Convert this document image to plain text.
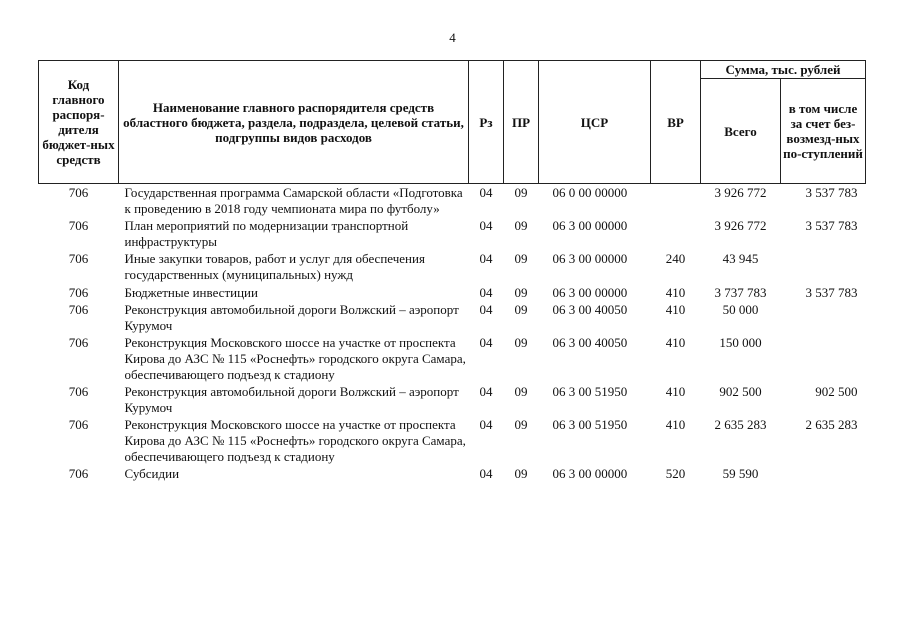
4
Код главного распоря-дителя бюджет-ных средств	Наименование главного распорядителя средств областного бюджета, раздела, подраздела, целевой статьи, подгруппы видов расходов	Рз	ПР	ЦСР	ВР	Сумма, тыс. рублей	
						Всего	в том числе за счет без-возмезд-ных по-ступлений
706	Государственная программа Самарской области «Подготовка к проведению в 2018 году чемпионата мира по футболу»	04	09	06 0 00 00000		3 926 772	3 537 783
706	План мероприятий по модернизации транспортной инфраструктуры	04	09	06 3 00 00000		3 926 772	3 537 783
706	Иные закупки товаров, работ и услуг для обеспечения государственных (муниципальных) нужд	04	09	06 3 00 00000	240	43 945	
706	Бюджетные инвестиции	04	09	06 3 00 00000	410	3 737 783	3 537 783
706	Реконструкция автомобильной дороги Волжский – аэропорт Курумоч	04	09	06 3 00 40050	410	50 000	
706	Реконструкция Московского шоссе на участке от проспекта Кирова до АЗС № 115 «Роснефть» городского округа Самара, обеспечивающего подъезд к стадиону	04	09	06 3 00 40050	410	150 000	
706	Реконструкция автомобильной дороги Волжский – аэропорт Курумоч	04	09	06 3 00 51950	410	902 500	902 500
706	Реконструкция Московского шоссе на участке от проспекта Кирова до АЗС № 115 «Роснефть» городского округа Самара, обеспечивающего подъезд к стадиону	04	09	06 3 00 51950	410	2 635 283	2 635 283
706	Субсидии	04	09	06 3 00 00000	520	59 590	
